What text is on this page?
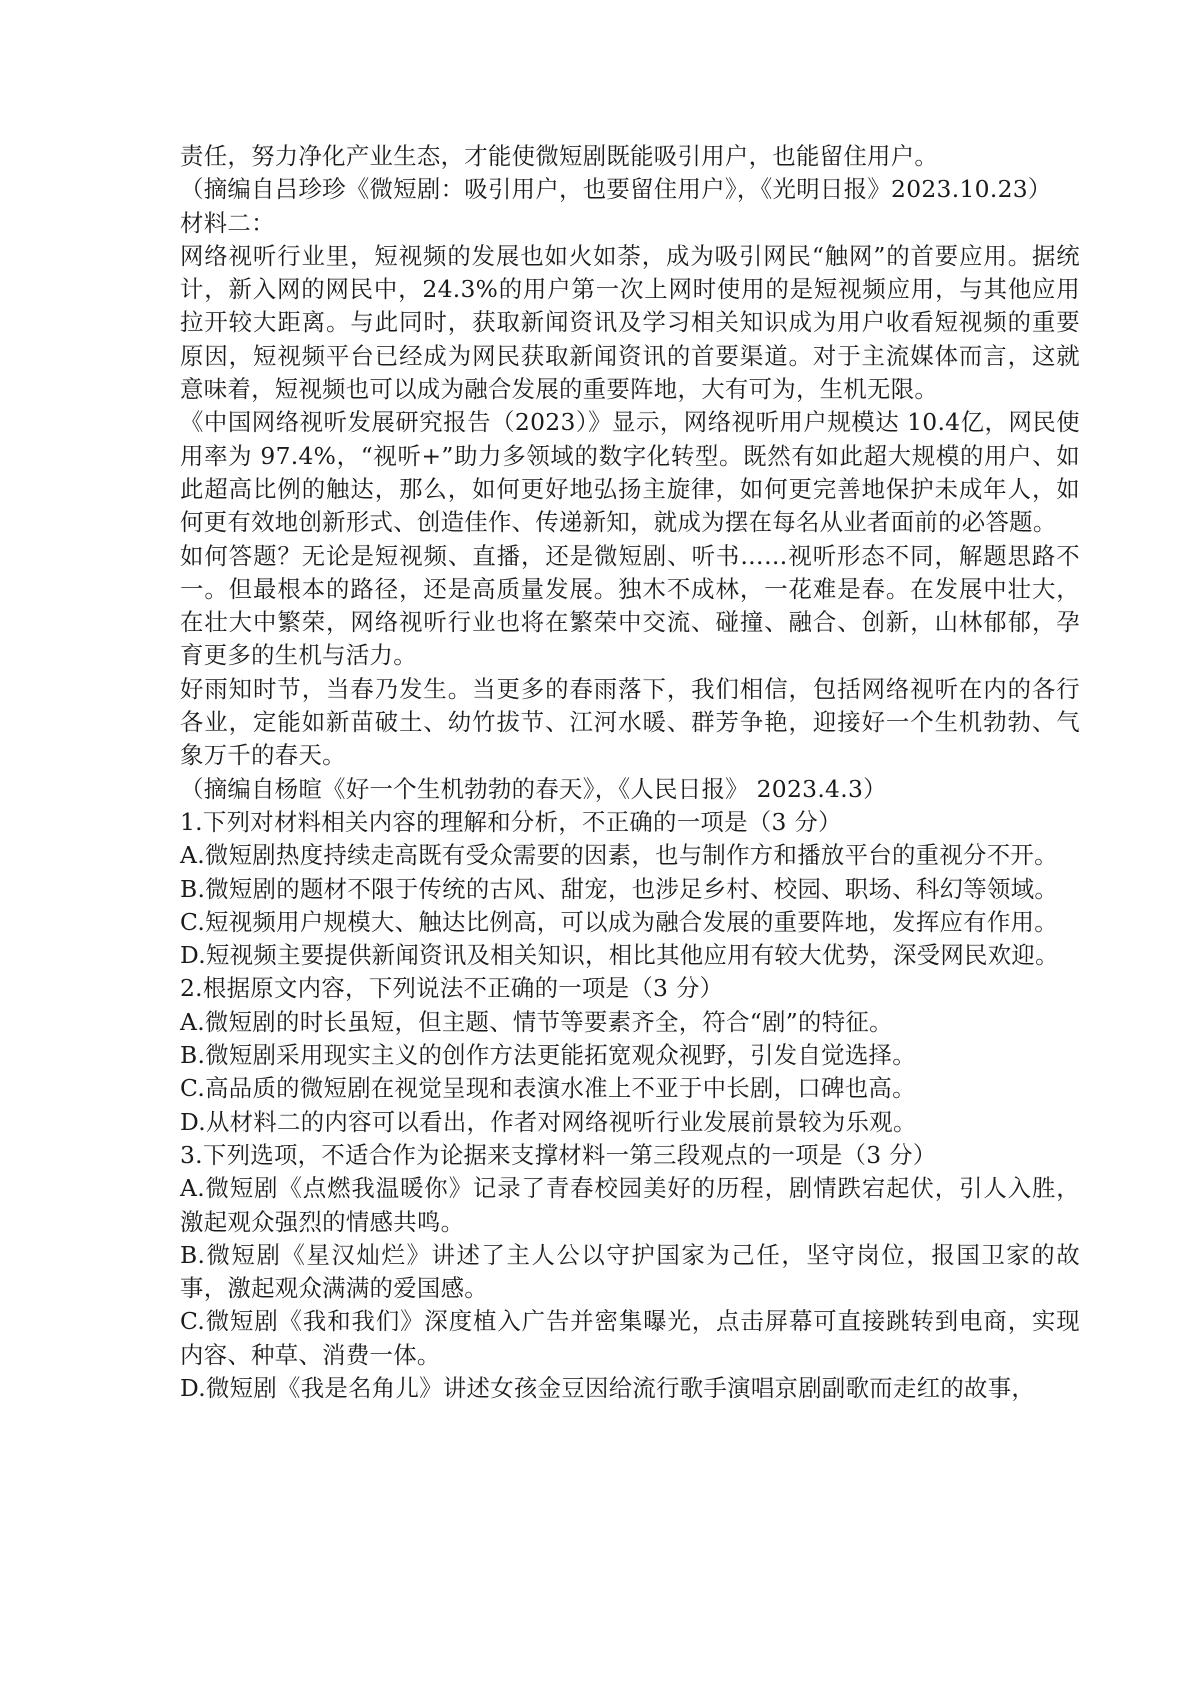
责任，努力净化产业生态，才能使微短剧既能吸引用户，也能留住用户。

（摘编自吕珍珍《微短剧：吸引用户，也要留住用户》，《光明日报》2023.10.23）

材料二：

网络视听行业里，短视频的发展也如火如荼，成为吸引网民“触网”的首要应用。据统计，新入网的网民中，24.3%的用户第一次上网时使用的是短视频应用，与其他应用拉开较大距离。与此同时，获取新闻资讯及学习相关知识成为用户收看短视频的重要原因，短视频平台已经成为网民获取新闻资讯的首要渠道。对于主流媒体而言，这就意味着，短视频也可以成为融合发展的重要阵地，大有可为，生机无限。

《中国网络视听发展研究报告（2023）》显示，网络视听用户规模达 10.4亿，网民使用率为 97.4%，“视听+”助力多领域的数字化转型。既然有如此超大规模的用户、如此超高比例的触达，那么，如何更好地弘扬主旋律，如何更完善地保护未成年人，如何更有效地创新形式、创造佳作、传递新知，就成为摆在每名从业者面前的必答题。

如何答题？无论是短视频、直播，还是微短剧、听书……视听形态不同，解题思路不一。但最根本的路径，还是高质量发展。独木不成林，一花难是春。在发展中壮大，在壮大中繁荣，网络视听行业也将在繁荣中交流、碰撞、融合、创新，山林郁郁，孕育更多的生机与活力。

好雨知时节，当春乃发生。当更多的春雨落下，我们相信，包括网络视听在内的各行各业，定能如新苗破土、幼竹拔节、江河水暖、群芳争艳，迎接好一个生机勃勃、气象万千的春天。

（摘编自杨暄《好一个生机勃勃的春天》，《人民日报》 2023.4.3）

1.下列对材料相关内容的理解和分析，不正确的一项是（3 分）

A.微短剧热度持续走高既有受众需要的因素，也与制作方和播放平台的重视分不开。

B.微短剧的题材不限于传统的古风、甜宠，也涉足乡村、校园、职场、科幻等领域。

C.短视频用户规模大、触达比例高，可以成为融合发展的重要阵地，发挥应有作用。

D.短视频主要提供新闻资讯及相关知识，相比其他应用有较大优势，深受网民欢迎。

2.根据原文内容，下列说法不正确的一项是（3 分）

A.微短剧的时长虽短，但主题、情节等要素齐全，符合“剧”的特征。

B.微短剧采用现实主义的创作方法更能拓宽观众视野，引发自觉选择。

C.高品质的微短剧在视觉呈现和表演水准上不亚于中长剧，口碑也高。

D.从材料二的内容可以看出，作者对网络视听行业发展前景较为乐观。

3.下列选项，不适合作为论据来支撑材料一第三段观点的一项是（3 分）

A.微短剧《点燃我温暖你》记录了青春校园美好的历程，剧情跌宕起伏，引人入胜，激起观众强烈的情感共鸣。

B.微短剧《星汉灿烂》讲述了主人公以守护国家为己任，坚守岗位，报国卫家的故事，激起观众满满的爱国感。

C.微短剧《我和我们》深度植入广告并密集曝光，点击屏幕可直接跳转到电商，实现内容、种草、消费一体。

D.微短剧《我是名角儿》讲述女孩金豆因给流行歌手演唱京剧副歌而走红的故事，
